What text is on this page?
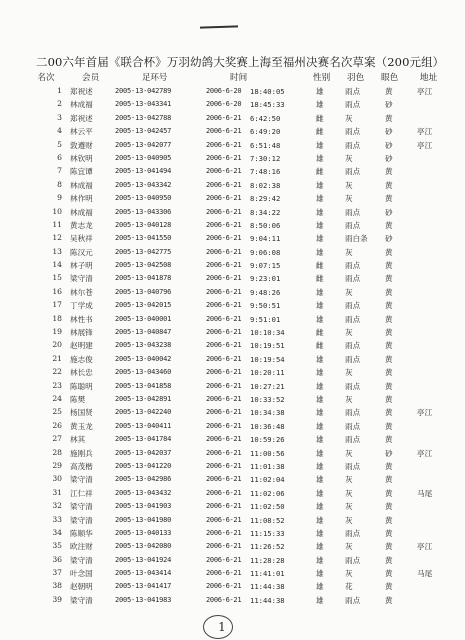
二00六年首届《联合杯》万羽幼鸽大奖赛上海至福州决赛名次草案（200元组）
名次	会员	足环号	时间	性别	羽色	眼色	地址
1 郑祝述	2005-13-042789	2006-6-20	18:40:05	雄	雨点	黄	亭江
2 林成福	2005-13-043341	2006-6-20	18:45:33	雄	雨点	砂
3 郑祝述	2005-13-042788	2006-6-21	6:42:50	雌	灰	黄
4 林云平	2005-13-042457	2006-6-21	6:49:20	雌	雨点	砂	亭江
5 敦遵财	2005-13-042077	2006-6-21	6:51:48	雄	雨点	砂	亭江
6 林钦明	2005-13-040905	2006-6-21	7:30:12	雄	灰	砂
7 陈宜谭	2005-13-041494	2006-6-21	7:48:16	雌	雨点	黄
8 林成福	2005-13-043342	2006-6-21	8:02:38	雄	灰	黄
9 林作明	2005-13-040950	2006-6-21	8:29:42	雄	灰	黄
10 林成福	2005-13-043306	2006-6-21	8:34:22	雄	雨点	砂
11 黄志龙	2005-13-040128	2006-6-21	8:50:06	雄	雨点	黄
12 吴秋祥	2005-13-041550	2006-6-21	9:04:11	雄	雨白条	砂
13 陈汉元	2005-13-042775	2006-6-21	9:06:08	雄	灰	黄
14 林子明	2005-13-042508	2006-6-21	9:07:15	雌	雨点	黄
15 梁守清	2005-13-041878	2006-6-21	9:23:01	雌	雨点	黄
16 林尔苍	2005-13-040796	2006-6-21	9:48:26	雄	灰	黄
17 丁学成	2005-13-042015	2006-6-21	9:50:51	雄	雨点	黄
18 林性书	2005-13-040001	2006-6-21	9:51:01	雄	雨点	黄
19 林展锋	2005-13-040847	2006-6-21	10:10:34	雌	灰	黄
20 赵明建	2005-13-043238	2006-6-21	10:19:51	雌	雨点	黄
21 施志俊	2005-13-040042	2006-6-21	10:19:54	雄	雨点	黄
22 林长忠	2005-13-043460	2006-6-21	10:20:11	雄	灰	黄
23 陈聪明	2005-13-041858	2006-6-21	10:27:21	雄	雨点	黄
24 陈樊	2005-13-042891	2006-6-21	10:33:52	雄	灰	黄
25 杨国贤	2005-13-042240	2006-6-21	10:34:38	雄	雨点	黄	亭江
26 黄玉龙	2005-13-040411	2006-6-21	10:36:48	雄	雨点	黄
27 林其	2005-13-041784	2006-6-21	10:59:26	雄	雨点	黄
28 施刚兵	2005-13-042037	2006-6-21	11:00:56	雄	灰	砂	亭江
29 高茂楷	2005-13-041220	2006-6-21	11:01:38	雄	雨点	黄
30 梁守清	2005-13-042986	2006-6-21	11:02:04	雄	灰	黄
31 江仁祥	2005-13-043432	2006-6-21	11:02:06	雄	灰	黄	马尾
32 梁守清	2005-13-041903	2006-6-21	11:02:50	雄	灰	黄
33 梁守清	2005-13-041980	2006-6-21	11:08:52	雄	灰	黄
34 陈顺华	2005-13-040133	2006-6-21	11:15:33	雄	雨点	黄
35 欧注财	2005-13-042080	2006-6-21	11:26:52	雄	灰	黄	亭江
36 梁守清	2005-13-041924	2006-6-21	11:28:28	雄	雨点	黄
37 叶念国	2005-13-043414	2006-6-21	11:41:01	雄	灰	黄	马尾
38 赵朝明	2005-13-041417	2006-6-21	11:44:38	雄	花	黄
39 梁守清	2005-13-041983	2006-6-21	11:44:38	雄	雨点	黄
1
